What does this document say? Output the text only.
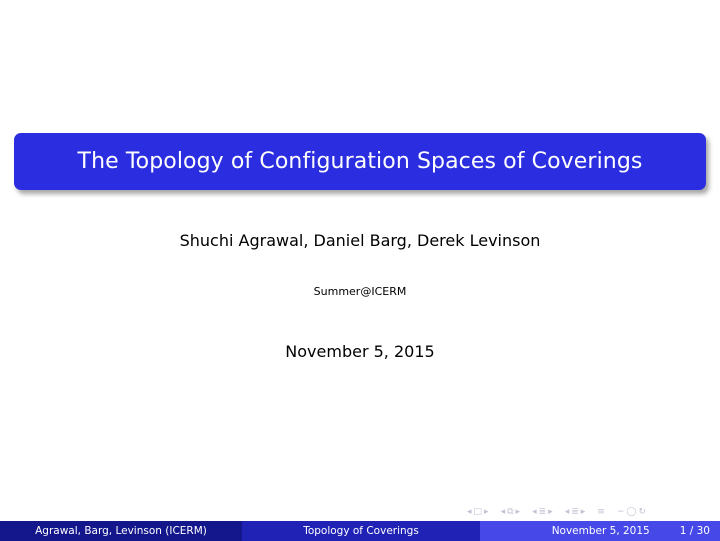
The Topology of Configuration Spaces of Coverings
Shuchi Agrawal, Daniel Barg, Derek Levinson
Summer@ICERM
November 5, 2015
◂ □ ▸ ◂ ⧉ ▸ ◂ ≣ ▸ ◂ ≣ ▸ ≡ ∽ ◯ ↻
Agrawal, Barg, Levinson (ICERM)	Topology of Coverings	November 5, 2015	1 / 30
